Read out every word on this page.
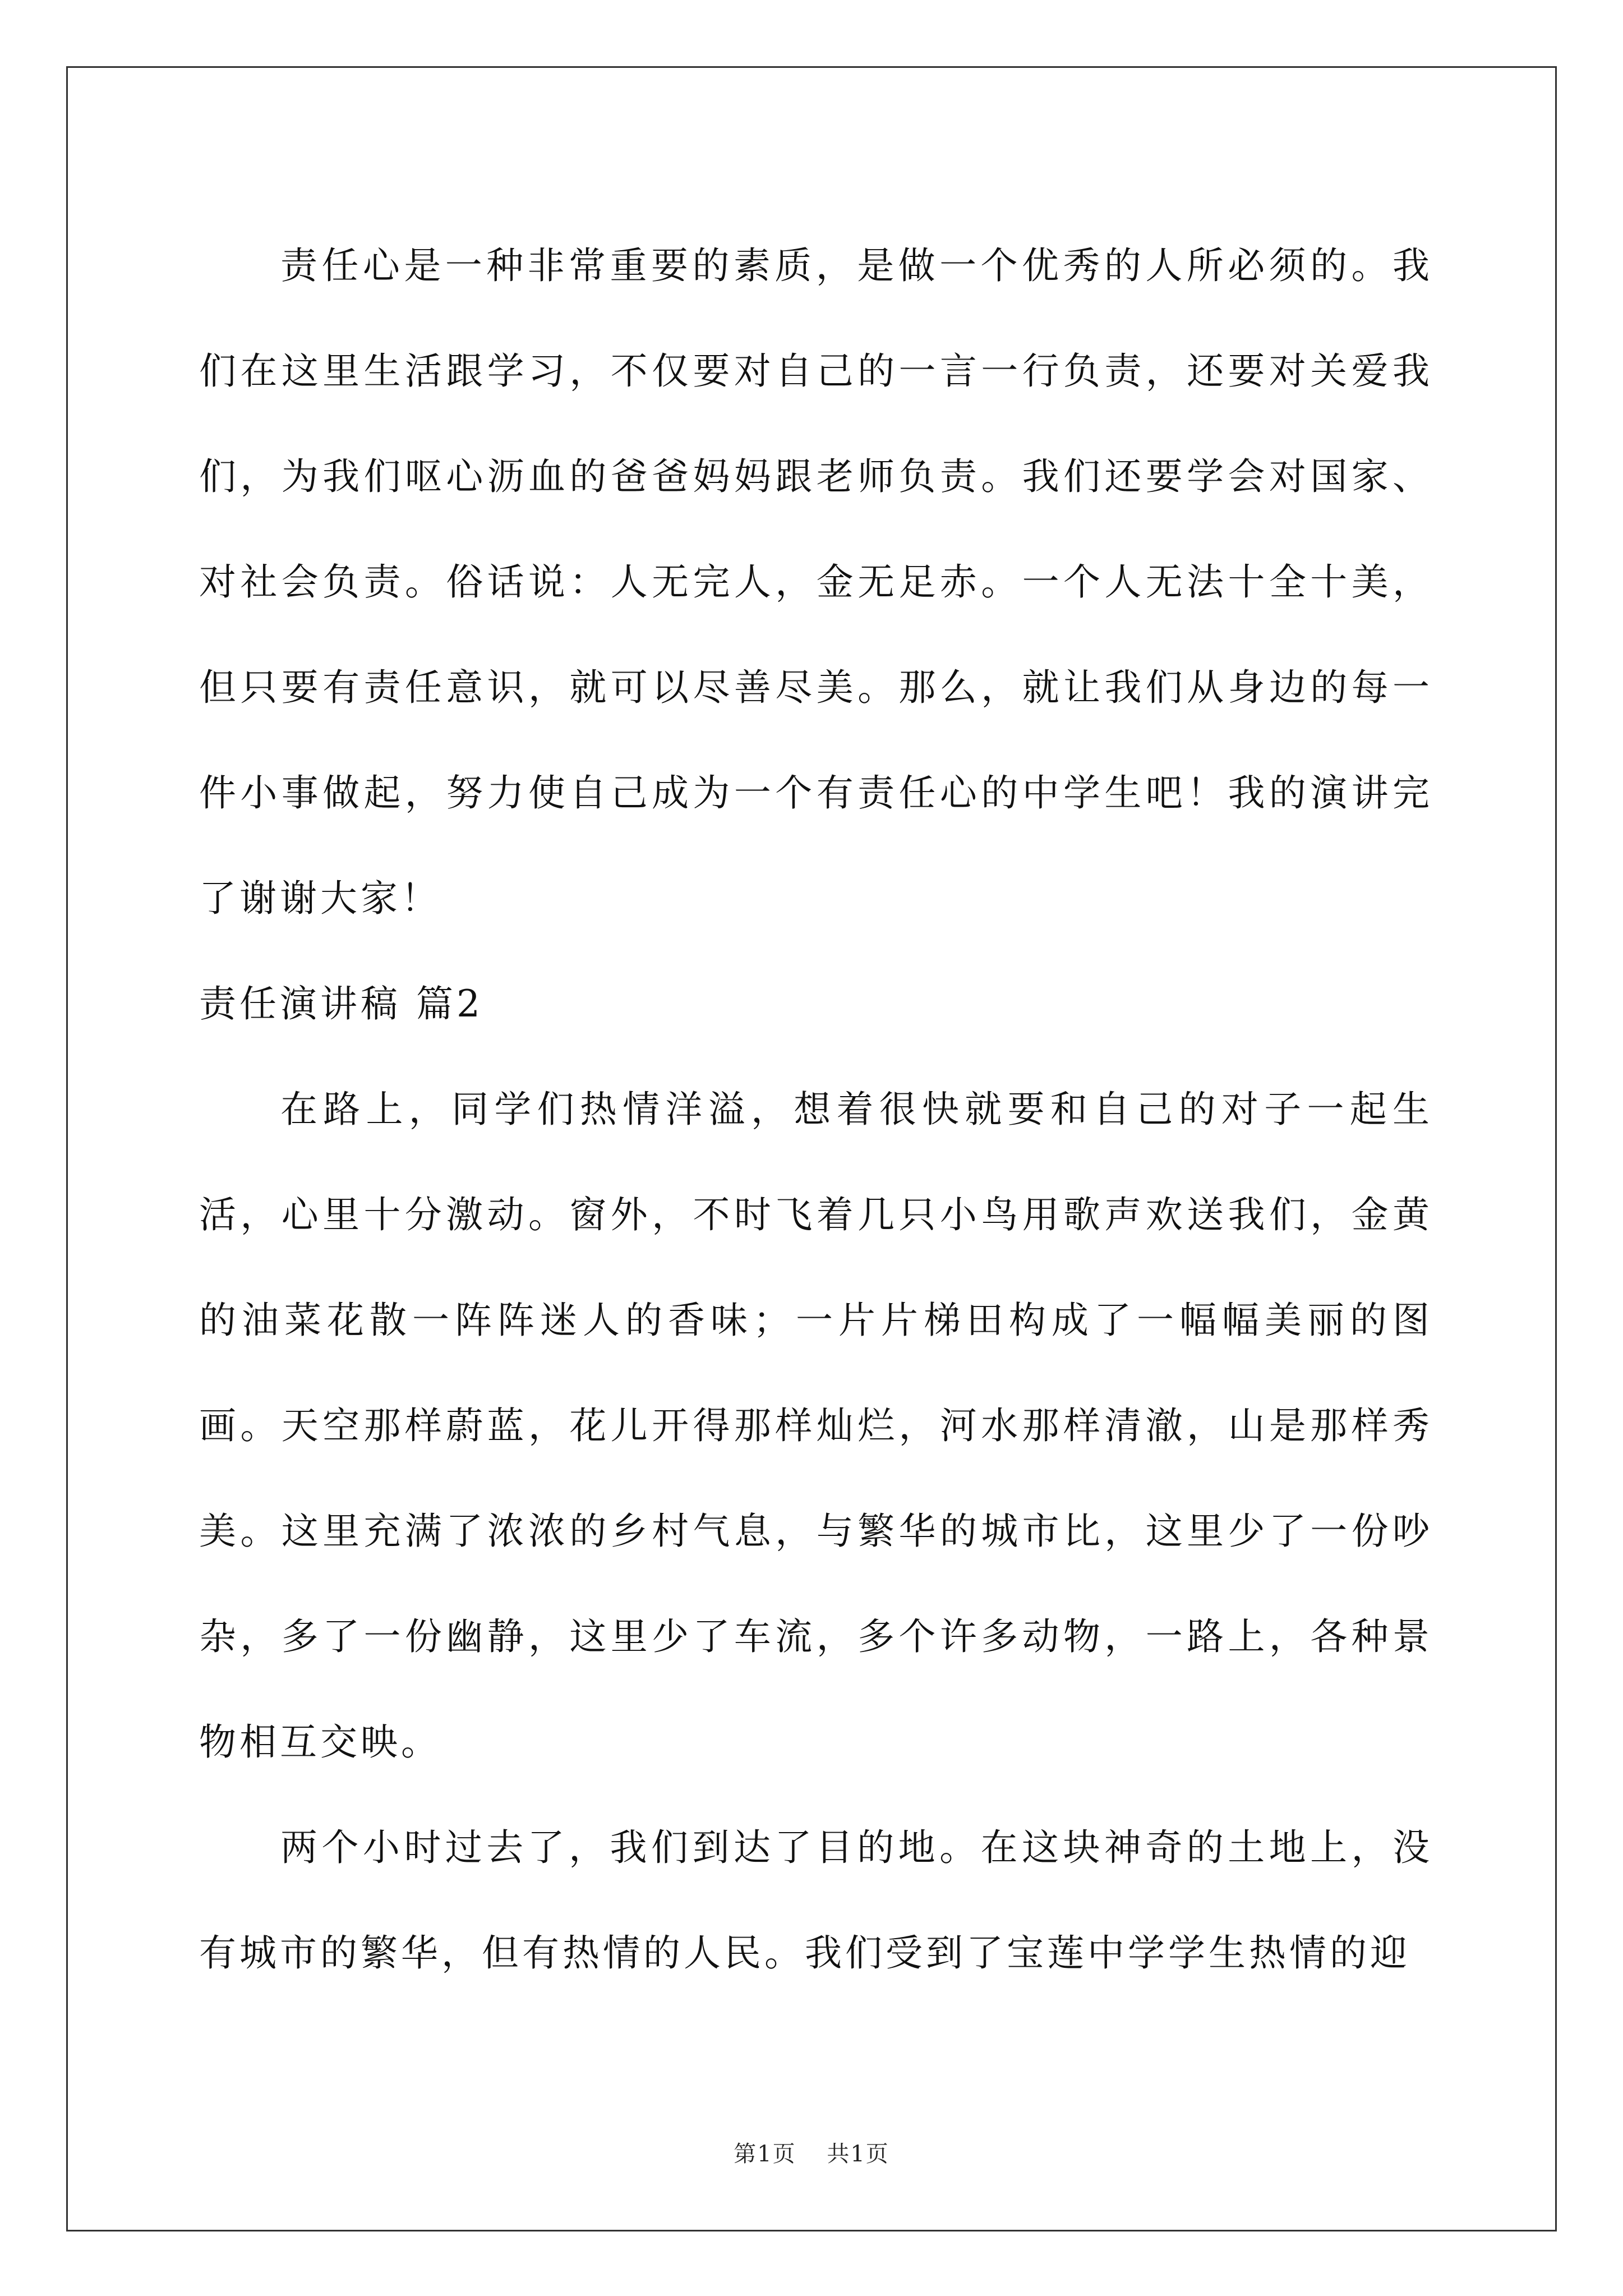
责任心是一种非常重要的素质，是做一个优秀的人所必须的。我们在这里生活跟学习，不仅要对自己的一言一行负责，还要对关爱我们，为我们呕心沥血的爸爸妈妈跟老师负责。我们还要学会对国家、对社会负责。俗话说：人无完人，金无足赤。一个人无法十全十美，但只要有责任意识，就可以尽善尽美。那么，就让我们从身边的每一件小事做起，努力使自己成为一个有责任心的中学生吧！我的演讲完了谢谢大家！

责任演讲稿 篇2

在路上，同学们热情洋溢，想着很快就要和自己的对子一起生活，心里十分激动。窗外，不时飞着几只小鸟用歌声欢送我们，金黄的油菜花散一阵阵迷人的香味；一片片梯田构成了一幅幅美丽的图画。天空那样蔚蓝，花儿开得那样灿烂，河水那样清澈，山是那样秀美。这里充满了浓浓的乡村气息，与繁华的城市比，这里少了一份吵杂，多了一份幽静，这里少了车流，多个许多动物，一路上，各种景物相互交映。

两个小时过去了，我们到达了目的地。在这块神奇的土地上，没有城市的繁华，但有热情的人民。我们受到了宝莲中学学生热情的迎

第1页 共1页
